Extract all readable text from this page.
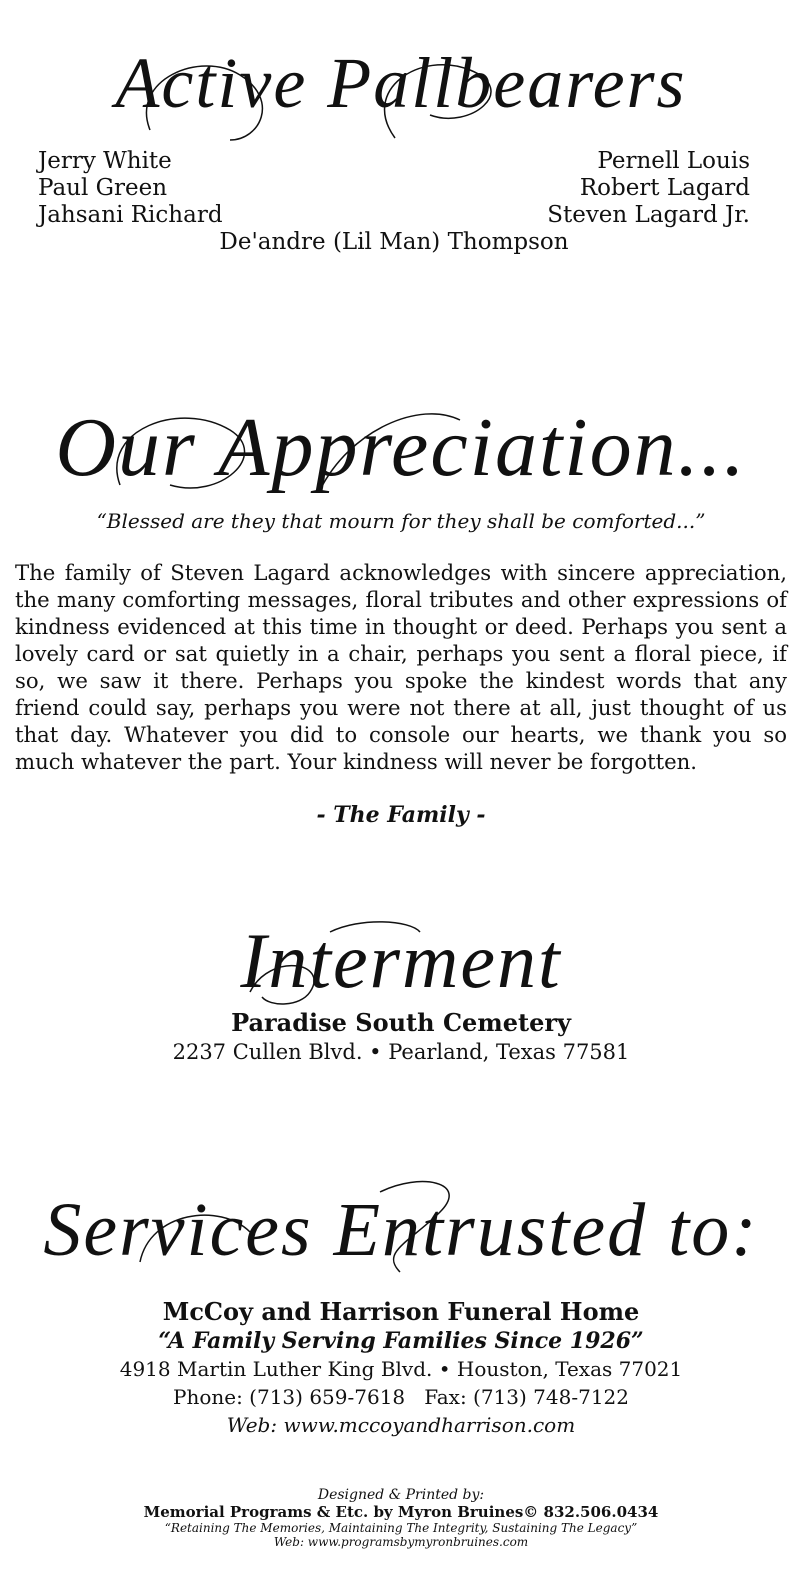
Active Pallbearers
Jerry White
Paul Green
Jahsani Richard
Pernell Louis
Robert Lagard
Steven Lagard Jr.
De'andre (Lil Man) Thompson
Our Appreciation...
“Blessed are they that mourn for they shall be comforted...”
The family of Steven Lagard acknowledges with sincere appreciation, the many comforting messages, floral tributes and other expressions of kindness evidenced at this time in thought or deed. Perhaps you sent a lovely card or sat quietly in a chair, perhaps you sent a floral piece, if so, we saw it there. Perhaps you spoke the kindest words that any friend could say, perhaps you were not there at all, just thought of us that day. Whatever you did to console our hearts, we thank you so much whatever the part. Your kindness will never be forgotten.
- The Family -
Interment
Paradise South Cemetery
2237 Cullen Blvd. • Pearland, Texas 77581
Services Entrusted to:
McCoy and Harrison Funeral Home
“A Family Serving Families Since 1926”
4918 Martin Luther King Blvd. • Houston, Texas 77021
Phone: (713) 659-7618   Fax: (713) 748-7122
Web: www.mccoyandharrison.com
Designed & Printed by:
Memorial Programs & Etc. by Myron Bruines© 832.506.0434
“Retaining The Memories, Maintaining The Integrity, Sustaining The Legacy”
Web: www.programsbymyronbruines.com
